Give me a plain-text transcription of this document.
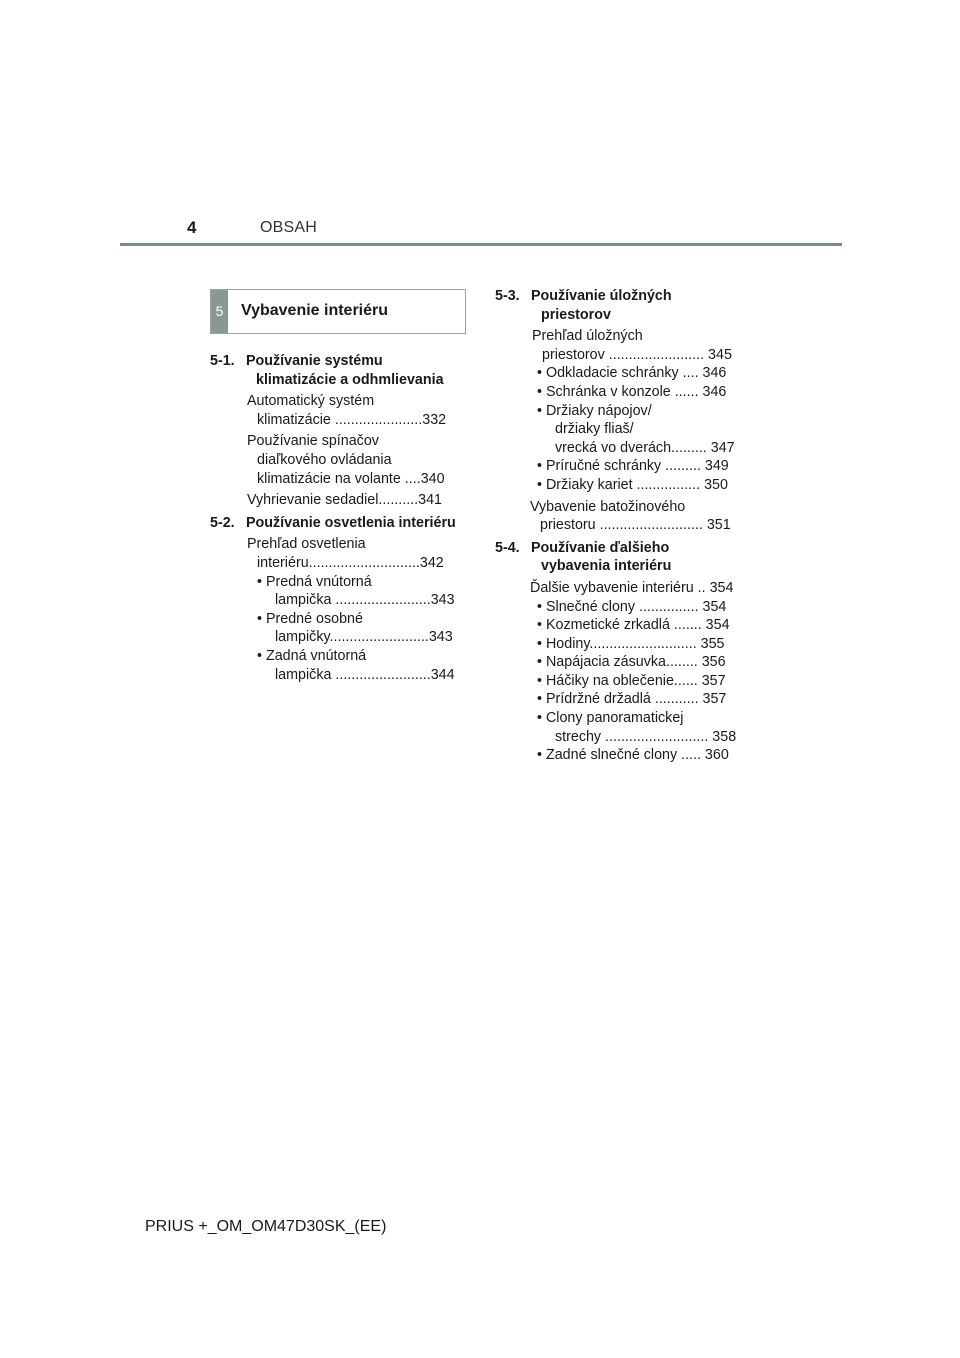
4	OBSAH
5 Vybavenie interiéru
5-1. Používanie systému
klimatizácie a odhmlievania
Automatický systém
klimatizácie ......................332
Používanie spínačov
diaľkového ovládania
klimatizácie na volante ....340
Vyhrievanie sedadiel..........341
5-2. Používanie osvetlenia interiéru
Prehľad osvetlenia
interiéru............................342
• Predná vnútorná
lampička ........................343
• Predné osobné
lampičky.........................343
• Zadná vnútorná
lampička ........................344
5-3. Používanie úložných
priestorov
Prehľad úložných
priestorov ........................ 345
• Odkladacie schránky .... 346
• Schránka v konzole ...... 346
• Držiaky nápojov/
držiaky fliaš/
vrecká vo dverách......... 347
• Príručné schránky ......... 349
• Držiaky kariet ................ 350
Vybavenie batožinového
priestoru .......................... 351
5-4. Používanie ďalšieho
vybavenia interiéru
Ďalšie vybavenie interiéru .. 354
• Slnečné clony ............... 354
• Kozmetické zrkadlá ....... 354
• Hodiny........................... 355
• Napájacia zásuvka........ 356
• Háčiky na oblečenie...... 357
• Prídržné držadlá ........... 357
• Clony panoramatickej
strechy .......................... 358
• Zadné slnečné clony ..... 360
PRIUS +_OM_OM47D30SK_(EE)
